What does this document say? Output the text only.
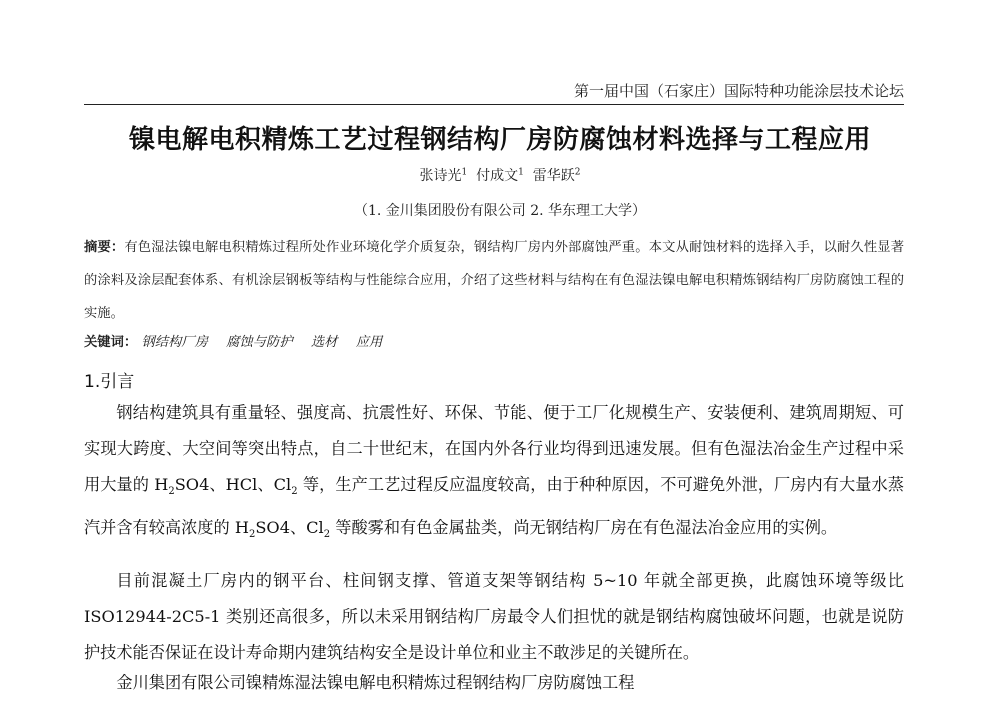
第一届中国（石家庄）国际特种功能涂层技术论坛
镍电解电积精炼工艺过程钢结构厂房防腐蚀材料选择与工程应用
张诗光$^1$ 付成文$^1$ 雷华跃$^2$
（1. 金川集团股份有限公司 2. 华东理工大学）
摘要：有色湿法镍电解电积精炼过程所处作业环境化学介质复杂，钢结构厂房内外部腐蚀严重。本文从耐蚀材料的选择入手，以耐久性显著的涂料及涂层配套体系、有机涂层钢板等结构与性能综合应用，介绍了这些材料与结构在有色湿法镍电解电积精炼钢结构厂房防腐蚀工程的实施。
关键词： 钢结构厂房 腐蚀与防护 选材 应用
1.引言

钢结构建筑具有重量轻、强度高、抗震性好、环保、节能、便于工厂化规模生产、安装便利、建筑周期短、可实现大跨度、大空间等突出特点，自二十世纪末，在国内外各行业均得到迅速发展。但有色湿法冶金生产过程中采用大量的 $H_2SO4$、HCl、$Cl_2$ 等，生产工艺过程反应温度较高，由于种种原因，不可避免外泄，厂房内有大量水蒸汽并含有较高浓度的 $H_2SO4$、$Cl_2$ 等酸雾和有色金属盐类，尚无钢结构厂房在有色湿法冶金应用的实例。

目前混凝土厂房内的钢平台、柱间钢支撑、管道支架等钢结构 5~10 年就全部更换，此腐蚀环境等级比 ISO12944-2C5-1 类别还高很多，所以未采用钢结构厂房最令人们担忧的就是钢结构腐蚀破坏问题，也就是说防护技术能否保证在设计寿命期内建筑结构安全是设计单位和业主不敢涉足的关键所在。

金川集团有限公司镍精炼湿法镍电解电积精炼过程钢结构厂房防腐蚀工程
